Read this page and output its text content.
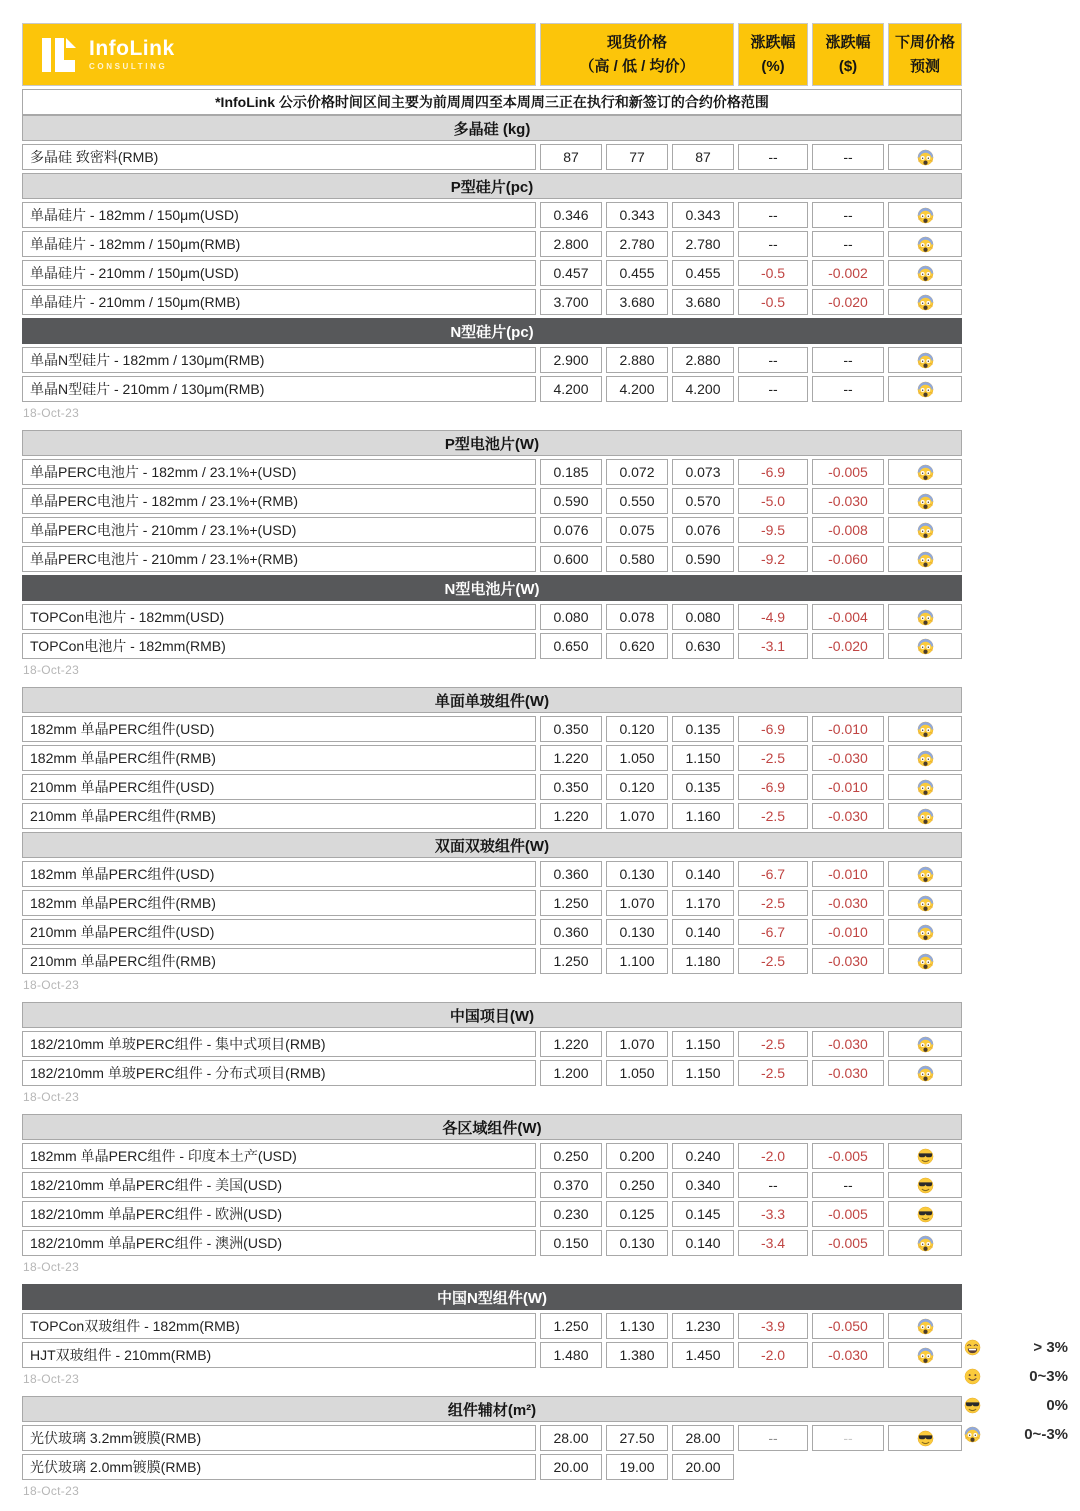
InfoLink
CONSULTING
现货价格
（高 / 低 / 均价）
涨跌幅
(%)
涨跌幅
($)
下周价格
预测
*InfoLink 公示价格时间区间主要为前周周四至本周周三正在执行和新签订的合约价格范围
多晶硅 (kg)
多晶硅 致密料(RMB)	87	77	87	--	--
P型硅片(pc)
单晶硅片 - 182mm / 150μm(USD)	0.346	0.343	0.343	--	--
单晶硅片 - 182mm / 150μm(RMB)	2.800	2.780	2.780	--	--
单晶硅片 - 210mm / 150μm(USD)	0.457	0.455	0.455	-0.5	-0.002
单晶硅片 - 210mm / 150μm(RMB)	3.700	3.680	3.680	-0.5	-0.020
N型硅片(pc)
单晶N型硅片 - 182mm / 130μm(RMB)	2.900	2.880	2.880	--	--
单晶N型硅片 - 210mm / 130μm(RMB)	4.200	4.200	4.200	--	--
18-Oct-23
P型电池片(W)
单晶PERC电池片 - 182mm / 23.1%+(USD)	0.185	0.072	0.073	-6.9	-0.005
单晶PERC电池片 - 182mm / 23.1%+(RMB)	0.590	0.550	0.570	-5.0	-0.030
单晶PERC电池片 - 210mm / 23.1%+(USD)	0.076	0.075	0.076	-9.5	-0.008
单晶PERC电池片 - 210mm / 23.1%+(RMB)	0.600	0.580	0.590	-9.2	-0.060
N型电池片(W)
TOPCon电池片 - 182mm(USD)	0.080	0.078	0.080	-4.9	-0.004
TOPCon电池片 - 182mm(RMB)	0.650	0.620	0.630	-3.1	-0.020
18-Oct-23
单面单玻组件(W)
182mm 单晶PERC组件(USD)	0.350	0.120	0.135	-6.9	-0.010
182mm 单晶PERC组件(RMB)	1.220	1.050	1.150	-2.5	-0.030
210mm 单晶PERC组件(USD)	0.350	0.120	0.135	-6.9	-0.010
210mm 单晶PERC组件(RMB)	1.220	1.070	1.160	-2.5	-0.030
双面双玻组件(W)
182mm 单晶PERC组件(USD)	0.360	0.130	0.140	-6.7	-0.010
182mm 单晶PERC组件(RMB)	1.250	1.070	1.170	-2.5	-0.030
210mm 单晶PERC组件(USD)	0.360	0.130	0.140	-6.7	-0.010
210mm 单晶PERC组件(RMB)	1.250	1.100	1.180	-2.5	-0.030
18-Oct-23
中国项目(W)
182/210mm 单玻PERC组件 - 集中式项目(RMB)	1.220	1.070	1.150	-2.5	-0.030
182/210mm 单玻PERC组件 - 分布式项目(RMB)	1.200	1.050	1.150	-2.5	-0.030
18-Oct-23
各区域组件(W)
182mm 单晶PERC组件 - 印度本土产(USD)	0.250	0.200	0.240	-2.0	-0.005
182/210mm 单晶PERC组件 - 美国(USD)	0.370	0.250	0.340	--	--
182/210mm 单晶PERC组件 - 欧洲(USD)	0.230	0.125	0.145	-3.3	-0.005
182/210mm 单晶PERC组件 - 澳洲(USD)	0.150	0.130	0.140	-3.4	-0.005
18-Oct-23
中国N型组件(W)
TOPCon双玻组件 - 182mm(RMB)	1.250	1.130	1.230	-3.9	-0.050
HJT双玻组件 - 210mm(RMB)	1.480	1.380	1.450	-2.0	-0.030
18-Oct-23
组件辅材(m²)
光伏玻璃 3.2mm镀膜(RMB)	28.00	27.50	28.00	--	--
光伏玻璃 2.0mm镀膜(RMB)	20.00	19.00	20.00
18-Oct-23
> 3%
0~3%
0%
0~-3%
